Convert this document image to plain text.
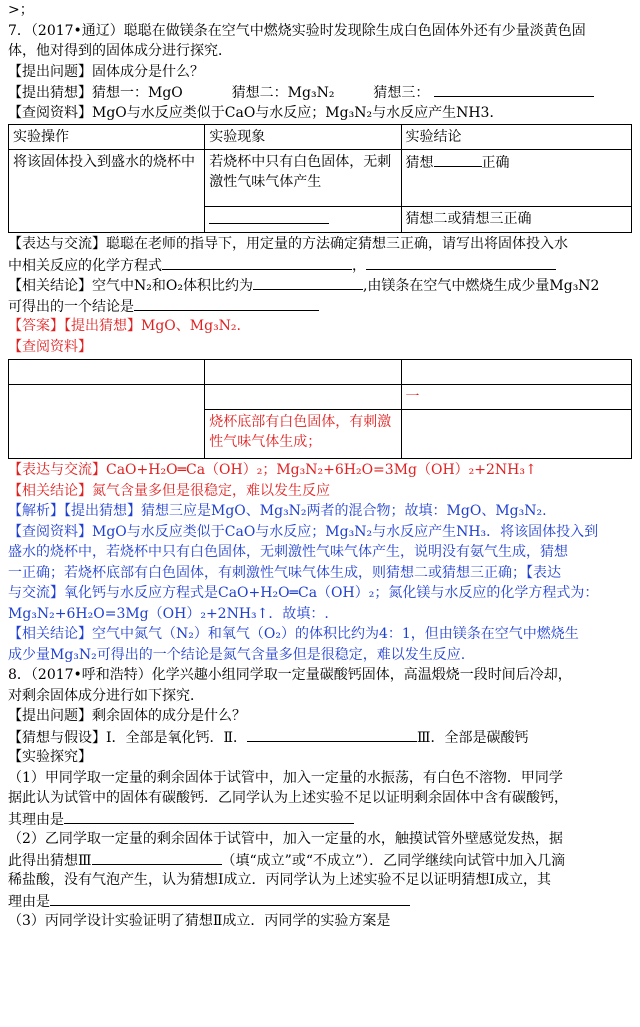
>；
7．（2017•通辽）聪聪在做镁条在空气中燃烧实验时发现除生成白色固体外还有少量淡黄色固
体，他对得到的固体成分进行探究．
【提出问题】固体成分是什么？
【提出猜想】猜想一：MgO	猜想二：Mg₃N₂	猜想三：
【查阅资料】MgO与水反应类似于CaO与水反应；Mg₃N₂与水反应产生NH3．
实验操作	实验现象	实验结论
将该固体投入到盛水的烧杯中	若烧杯中只有白色固体，无刺激性气味气体产生	猜想 正确
		猜想二或猜想三正确
【表达与交流】聪聪在老师的指导下，用定量的方法确定猜想三正确，请写出将固体投入水
中相关反应的化学方程式	，
【相关结论】空气中N₂和O₂体积比约为	,由镁条在空气中燃烧生成少量Mg₃N2
可得出的一个结论是
【答案】【提出猜想】MgO、Mg₃N₂.
【查阅资料】

		一
	烧杯底部有白色固体，有刺激性气味气体生成；	
【表达与交流】CaO+H₂O═Ca（OH）₂；Mg₃N₂+6H₂O=3Mg（OH）₂+2NH₃↑
【相关结论】氮气含量多但是很稳定，难以发生反应
【解析】【提出猜想】猜想三应是MgO、Mg₃N₂两者的混合物；故填：MgO、Mg₃N₂.
【查阅资料】MgO与水反应类似于CaO与水反应；Mg₃N₂与水反应产生NH₃．将该固体投入到
盛水的烧杯中，若烧杯中只有白色固体，无刺激性气味气体产生，说明没有氨气生成，猜想
一正确；若烧杯底部有白色固体，有刺激性气味气体生成，则猜想二或猜想三正确；【表达
与交流】氧化钙与水反应方程式是CaO+H₂O═Ca（OH）₂；氮化镁与水反应的化学方程式为：
Mg₃N₂+6H₂O=3Mg（OH）₂+2NH₃↑．故填：.
【相关结论】空气中氮气（N₂）和氧气（O₂）的体积比约为4：1，但由镁条在空气中燃烧生
成少量Mg₃N₂可得出的一个结论是氮气含量多但是很稳定，难以发生反应.
8．（2017•呼和浩特）化学兴趣小组同学取一定量碳酸钙固体，高温煅烧一段时间后冷却，
对剩余固体成分进行如下探究．
【提出问题】剩余固体的成分是什么？
【猜想与假设】Ⅰ．全部是氧化钙．Ⅱ．	Ⅲ．全部是碳酸钙
【实验探究】
（1）甲同学取一定量的剩余固体于试管中，加入一定量的水振荡，有白色不溶物．甲同学
据此认为试管中的固体有碳酸钙．乙同学认为上述实验不足以证明剩余固体中含有碳酸钙，
其理由是
（2）乙同学取一定量的剩余固体于试管中，加入一定量的水，触摸试管外壁感觉发热，据
此得出猜想Ⅲ	（填“成立”或“不成立”）．乙同学继续向试管中加入几滴
稀盐酸，没有气泡产生，认为猜想Ⅰ成立．丙同学认为上述实验不足以证明猜想Ⅰ成立，其
理由是
（3）丙同学设计实验证明了猜想Ⅱ成立．丙同学的实验方案是
